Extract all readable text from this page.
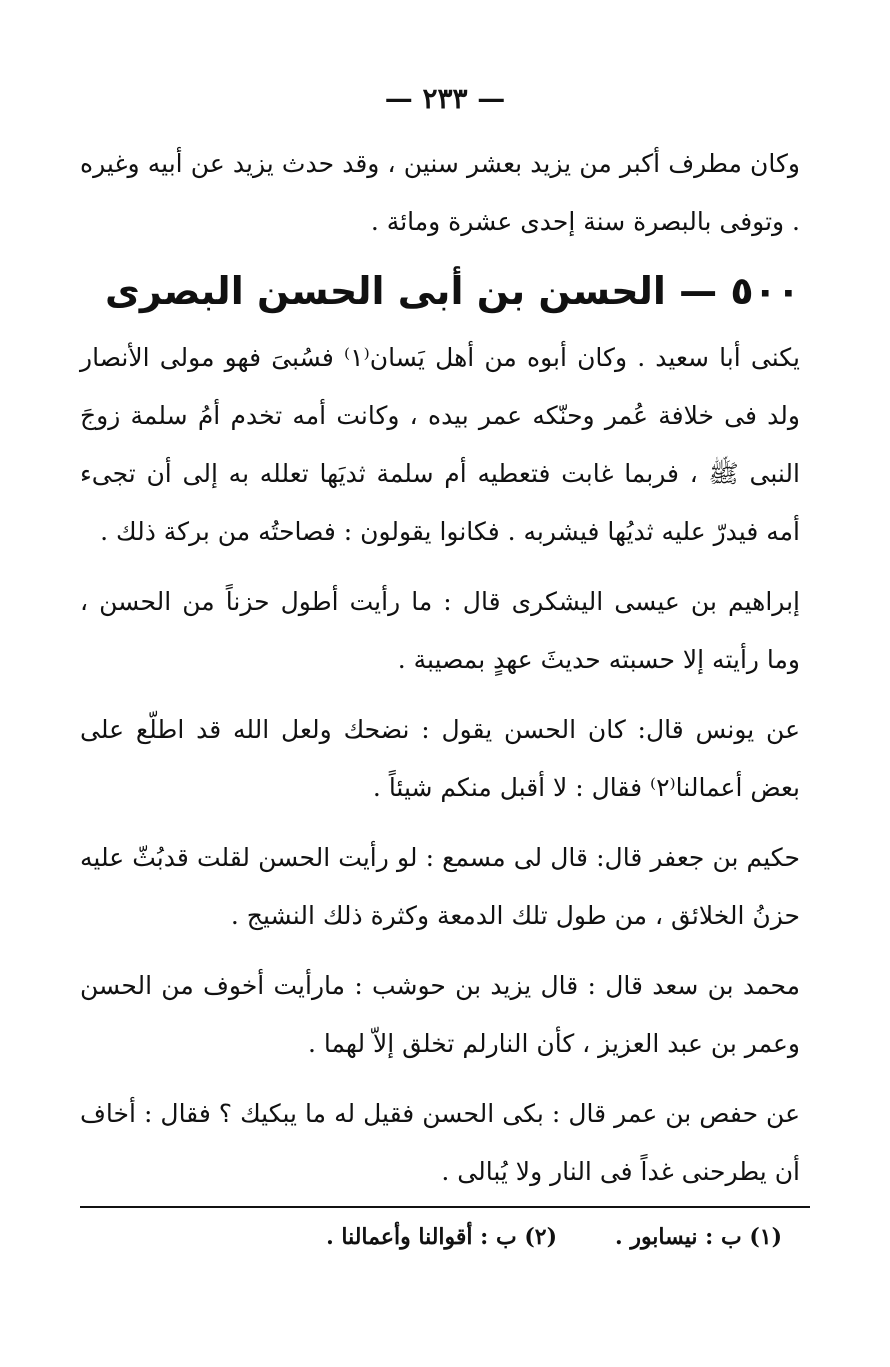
— ٢٣٣ —

وكان مطرف أكبر من يزيد بعشر سنين ، وقد حدث يزيد عن أبيه وغيره . وتوفى بالبصرة سنة إحدى عشرة ومائة .

٥٠٠ — الحسن بن أبى الحسن البصرى

يكنى أبا سعيد . وكان أبوه من أهل يَسان⁽١⁾ فسُبىَ فهو مولى الأنصار ولد فى خلافة عُمر وحنّكه عمر بيده ، وكانت أمه تخدم أمُ سلمة زوجَ النبى ﷺ ، فربما غابت فتعطيه أم سلمة ثديَها تعلله به إلى أن تجىء أمه فيدرّ عليه ثديُها فيشربه . فكانوا يقولون : فصاحتُه من بركة ذلك .

إبراهيم بن عيسى اليشكرى قال : ما رأيت أطول حزناً من الحسن ، وما رأيته إلا حسبته حديثَ عهدٍ بمصيبة .

عن يونس قال: كان الحسن يقول : نضحك ولعل الله قد اطلّع على بعض أعمالنا⁽٢⁾ فقال : لا أقبل منكم شيئاً .

حكيم بن جعفر قال: قال لى مسمع : لو رأيت الحسن لقلت قدبُثّ عليه حزنُ الخلائق ، من طول تلك الدمعة وكثرة ذلك النشيج .

محمد بن سعد قال : قال يزيد بن حوشب : مارأيت أخوف من الحسن وعمر بن عبد العزيز ، كأن النارلم تخلق إلاّ لهما .

عن حفص بن عمر قال : بكى الحسن فقيل له ما يبكيك ؟ فقال : أخاف أن يطرحنى غداً فى النار ولا يُبالى .

(١) ب : نيسابور .
(٢) ب : أقوالنا وأعمالنا .
